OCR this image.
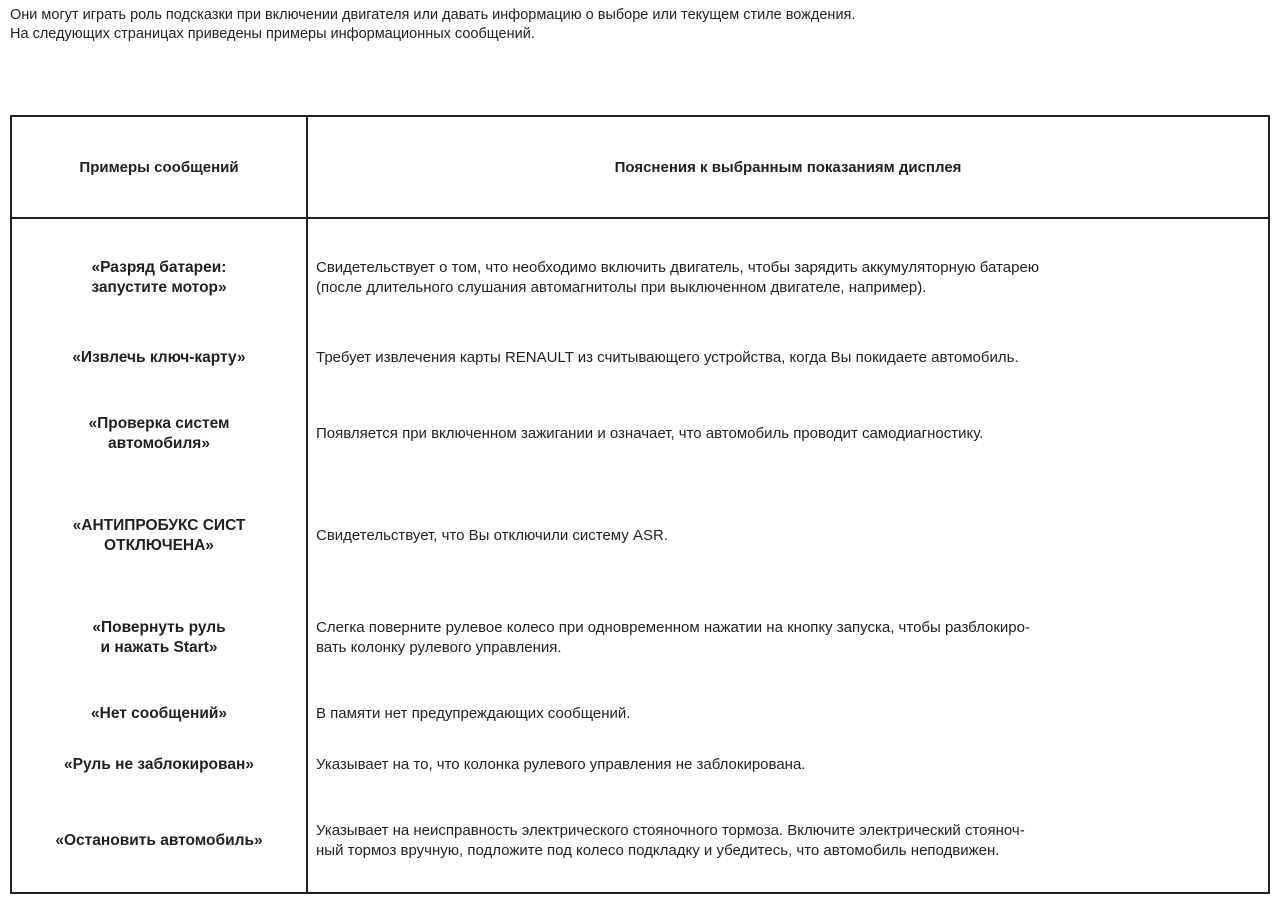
Они могут играть роль подсказки при включении двигателя или давать информацию о выборе или текущем стиле вождения.

На следующих страницах приведены примеры информационных сообщений.

Примеры сообщений	Пояснения к выбранным показаниям дисплея
«Разряд батареи:
запустите мотор»	Свидетельствует о том, что необходимо включить двигатель, чтобы зарядить аккумуляторную батарею
(после длительного слушания автомагнитолы при выключенном двигателе, например).
«Извлечь ключ-карту»	Требует извлечения карты RENAULT из считывающего устройства, когда Вы покидаете автомобиль.
«Проверка систем
автомобиля»	Появляется при включенном зажигании и означает, что автомобиль проводит самодиагностику.
«АНТИПРОБУКС СИСТ
ОТКЛЮЧЕНА»	Свидетельствует, что Вы отключили систему ASR.
«Повернуть руль
и нажать Start»	Слегка поверните рулевое колесо при одновременном нажатии на кнопку запуска, чтобы разблокиро-
вать колонку рулевого управления.
«Нет сообщений»	В памяти нет предупреждающих сообщений.
«Руль не заблокирован»	Указывает на то, что колонка рулевого управления не заблокирована.
«Остановить автомобиль»	Указывает на неисправность электрического стояночного тормоза. Включите электрический стояноч-
ный тормоз вручную, подложите под колесо подкладку и убедитесь, что автомобиль неподвижен.
